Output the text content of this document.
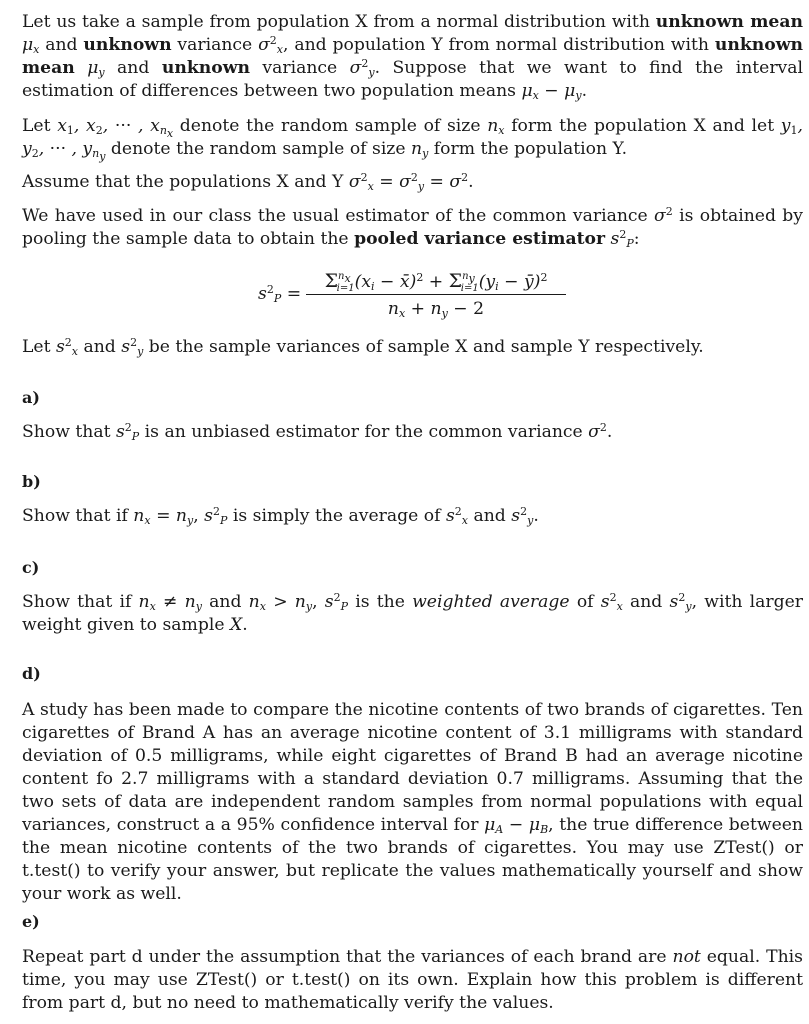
Let us take a sample from population X from a normal distribution with unknown mean $\mu_x$ and unknown variance $\sigma^2_x$, and population Y from normal distribution with unknown mean $\mu_y$ and unknown variance $\sigma^2_y$. Suppose that we want to find the interval estimation of differences between two population means $\mu_x - \mu_y$.

Let $x_1$, $x_2$, ··· , $x_{n_x}$ denote the random sample of size $n_x$ form the population X and let $y_1$, $y_2$, ··· , $y_{n_y}$ denote the random sample of size $n_y$ form the population Y.

Assume that the populations X and Y $\sigma^2_x = \sigma^2_y = \sigma^2$.

We have used in our class the usual estimator of the common variance $\sigma^2$ is obtained by pooling the sample data to obtain the pooled variance estimator $s^2_P$:

$s^2_P$ =
$\Sigma^{n_x}_{i=1}(x_i$ − x̄)$^2$ + $\Sigma^{n_y}_{i=1}(y_i$ − ȳ)$^2$
$n_x + n_y - 2$

Let $s^2_x$ and $s^2_y$ be the sample variances of sample X and sample Y respectively.

a)

Show that $s^2_P$ is an unbiased estimator for the common variance $\sigma^2$.

b)

Show that if $n_x = n_y$, $s^2_P$ is simply the average of $s^2_x$ and $s^2_y$.

c)

Show that if $n_x \ne n_y$ and $n_x > n_y$, $s^2_P$ is the weighted average of $s^2_x$ and $s^2_y$, with larger weight given to sample X.

d)

A study has been made to compare the nicotine contents of two brands of cigarettes. Ten cigarettes of Brand A has an average nicotine content of 3.1 milligrams with standard deviation of 0.5 milligrams, while eight cigarettes of Brand B had an average nicotine content fo 2.7 milligrams with a standard deviation 0.7 milligrams. Assuming that the two sets of data are independent random samples from normal populations with equal variances, construct a a 95% confidence interval for $\mu_A - \mu_B$, the true difference between the mean nicotine contents of the two brands of cigarettes. You may use ZTest() or t.test() to verify your answer, but replicate the values mathematically yourself and show your work as well.

e)

Repeat part d under the assumption that the variances of each brand are not equal. This time, you may use ZTest() or t.test() on its own. Explain how this problem is different from part d, but no need to mathematically verify the values.
